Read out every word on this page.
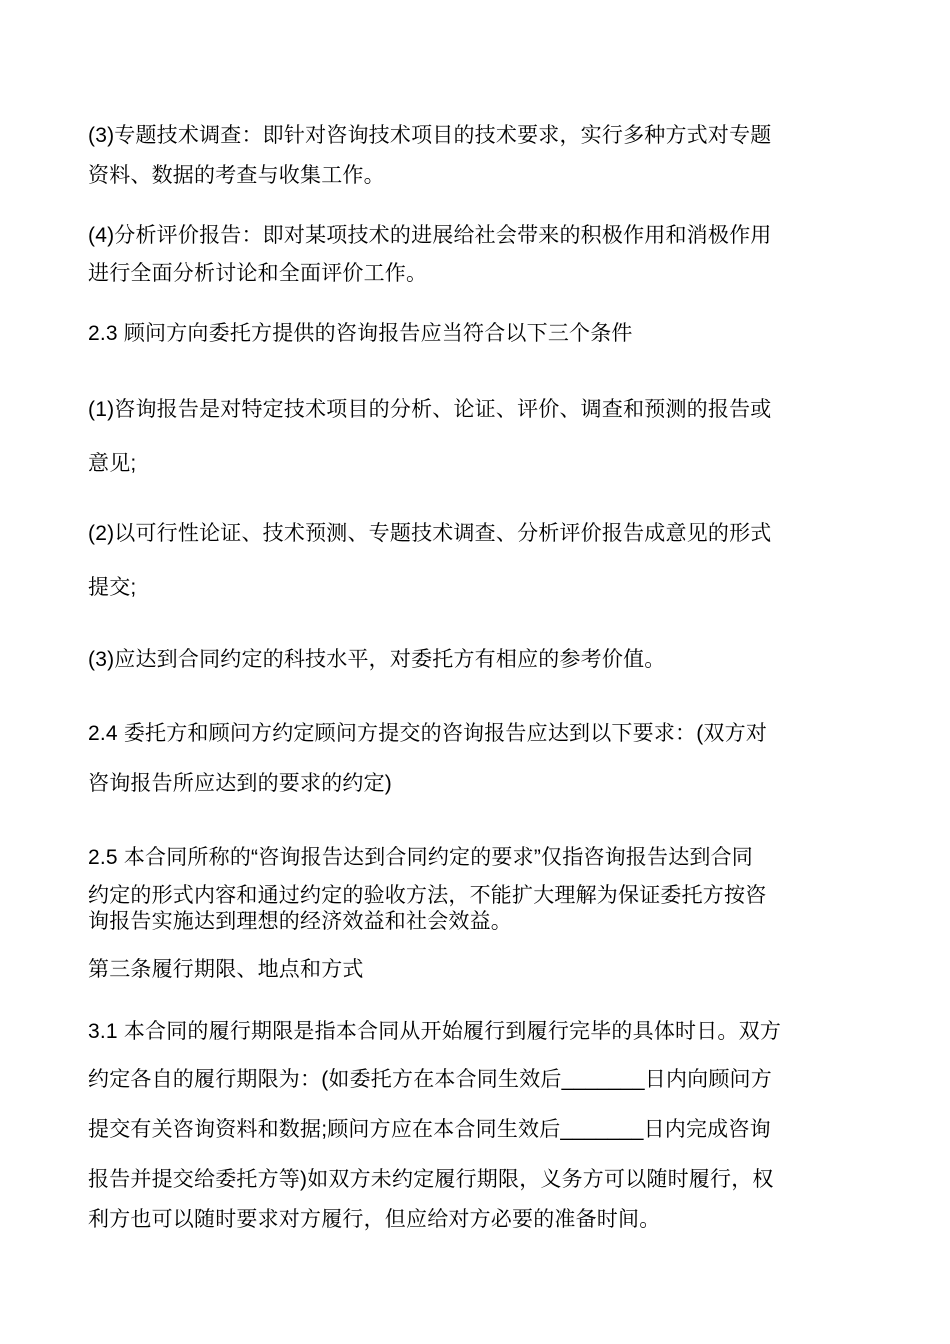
(3)专题技术调查：即针对咨询技术项目的技术要求，实行多种方式对专题

资料、数据的考查与收集工作。

(4)分析评价报告：即对某项技术的进展给社会带来的积极作用和消极作用

进行全面分析讨论和全面评价工作。

2.3 顾问方向委托方提供的咨询报告应当符合以下三个条件

(1)咨询报告是对特定技术项目的分析、论证、评价、调查和预测的报告或

意见;

(2)以可行性论证、技术预测、专题技术调查、分析评价报告成意见的形式

提交;

(3)应达到合同约定的科技水平，对委托方有相应的参考价值。

2.4 委托方和顾问方约定顾问方提交的咨询报告应达到以下要求：(双方对

咨询报告所应达到的要求的约定)

2.5 本合同所称的“咨询报告达到合同约定的要求”仅指咨询报告达到合同

约定的形式内容和通过约定的验收方法，不能扩大理解为保证委托方按咨

询报告实施达到理想的经济效益和社会效益。

第三条履行期限、地点和方式

3.1 本合同的履行期限是指本合同从开始履行到履行完毕的具体时日。双方

约定各自的履行期限为：(如委托方在本合同生效后_______日内向顾问方

提交有关咨询资料和数据;顾问方应在本合同生效后_______日内完成咨询

报告并提交给委托方等)如双方未约定履行期限，义务方可以随时履行，权

利方也可以随时要求对方履行，但应给对方必要的准备时间。
